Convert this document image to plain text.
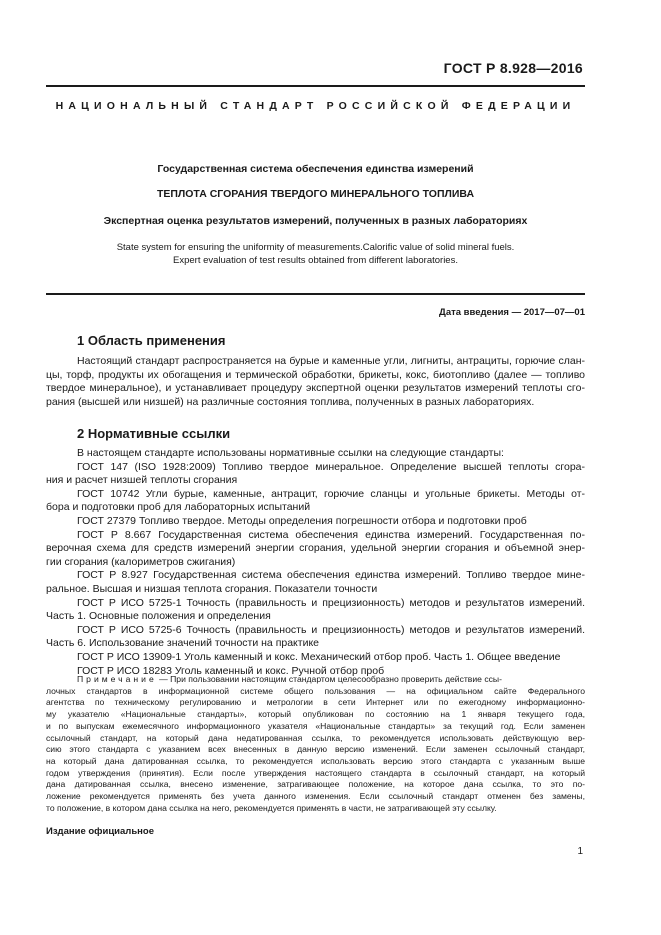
ГОСТ Р 8.928—2016
НАЦИОНАЛЬНЫЙ СТАНДАРТ РОССИЙСКОЙ ФЕДЕРАЦИИ
Государственная система обеспечения единства измерений
ТЕПЛОТА СГОРАНИЯ ТВЕРДОГО МИНЕРАЛЬНОГО ТОПЛИВА
Экспертная оценка результатов измерений, полученных в разных лабораториях
State system for ensuring the uniformity of measurements.Calorific value of solid mineral fuels.
Expert evaluation of test results obtained from different laboratories.
Дата введения — 2017—07—01
1 Область применения
Настоящий стандарт распространяется на бурые и каменные угли, лигниты, антрациты, горючие слан-
цы, торф, продукты их обогащения и термической обработки, брикеты, кокс, биотопливо (далее — топливо
твердое минеральное), и устанавливает процедуру экспертной оценки результатов измерений теплоты сгo-
рания (высшей или низшей) на различные состояния топлива, полученных в разных лабораториях.
2 Нормативные ссылки
В настоящем стандарте использованы нормативные ссылки на следующие стандарты:
ГОСТ 147 (ISO 1928:2009) Топливо твердое минеральное. Определение высшей теплоты сгора-
ния и расчет низшей теплоты сгорания
ГОСТ 10742 Угли бурые, каменные, антрацит, горючие сланцы и угольные брикеты. Методы от-
бора и подготовки проб для лабораторных испытаний
ГОСТ 27379 Топливо твердое. Методы определения погрешности отбора и подготовки проб
ГОСТ Р 8.667 Государственная система обеспечения единства измерений. Государственная по-
верочная схема для средств измерений энергии сгорания, удельной энергии сгорания и объемной энер-
гии сгорания (калориметров сжигания)
ГОСТ Р 8.927 Государственная система обеспечения единства измерений. Топливо твердое мине-
ральное. Высшая и низшая теплота сгорания. Показатели точности
ГОСТ Р ИСО 5725-1 Точность (правильность и прецизионность) методов и результатов измерений.
Часть 1. Основные положения и определения
ГОСТ Р ИСО 5725-6 Точность (правильность и прецизионность) методов и результатов измерений.
Часть 6. Использование значений точности на практике
ГОСТ Р ИСО 13909-1 Уголь каменный и кокс. Механический отбор проб. Часть 1. Общее введение
ГОСТ Р ИСО 18283 Уголь каменный и кокс. Ручной отбор проб
Примечание — При пользовании настоящим стандартом целесообразно проверить действие ссы-
лочных стандартов в информационной системе общего пользования — на официальном сайте Федерального
агентства по техническому регулированию и метрологии в сети Интернет или по ежегодному информационно-
му указателю «Национальные стандарты», который опубликован по состоянию на 1 января текущего года,
и по выпускам ежемесячного информационного указателя «Национальные стандарты» за текущий год. Если заменен
ссылочный стандарт, на который дана недатированная ссылка, то рекомендуется использовать действующую вер-
сию этого стандарта с указанием всех внесенных в данную версию изменений. Если заменен ссылочный стандарт,
на который дана датированная ссылка, то рекомендуется использовать версию этого стандарта с указанным выше
годом утверждения (принятия). Если после утверждения настоящего стандарта в ссылочный стандарт, на который
дана датированная ссылка, внесено изменение, затрагивающее положение, на которое дана ссылка, то это по-
ложение рекомендуется применять без учета данного изменения. Если ссылочный стандарт отменен без замены,
то положение, в котором дана ссылка на него, рекомендуется применять в части, не затрагивающей эту ссылку.
Издание официальное
1
